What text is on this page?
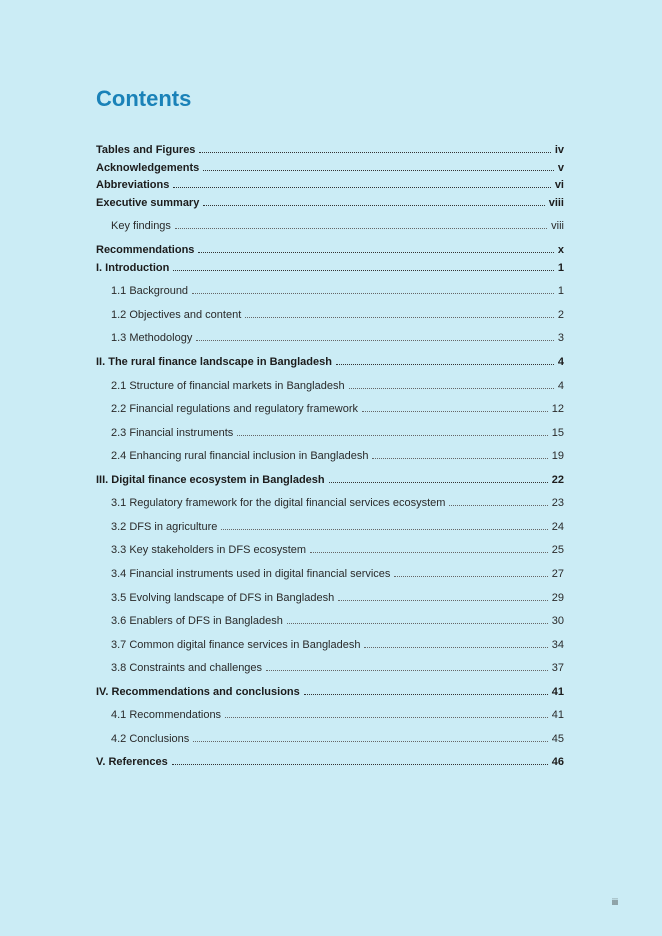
Contents
Tables and Figures	iv
Acknowledgements	v
Abbreviations	vi
Executive summary	viii
Key findings	viii
Recommendations	x
I. Introduction	1
1.1 Background	1
1.2 Objectives and content	2
1.3 Methodology	3
II. The rural finance landscape in Bangladesh	4
2.1 Structure of financial markets in Bangladesh	4
2.2 Financial regulations and regulatory framework	12
2.3 Financial instruments	15
2.4 Enhancing rural financial inclusion in Bangladesh	19
III. Digital finance ecosystem in Bangladesh	22
3.1 Regulatory framework for the digital financial services ecosystem	23
3.2 DFS in agriculture	24
3.3 Key stakeholders in DFS ecosystem	25
3.4 Financial instruments used in digital financial services	27
3.5 Evolving landscape of DFS in Bangladesh	29
3.6 Enablers of DFS in Bangladesh	30
3.7 Common digital finance services in Bangladesh	34
3.8 Constraints and challenges	37
IV. Recommendations and conclusions	41
4.1 Recommendations	41
4.2 Conclusions	45
V. References	46
iii
